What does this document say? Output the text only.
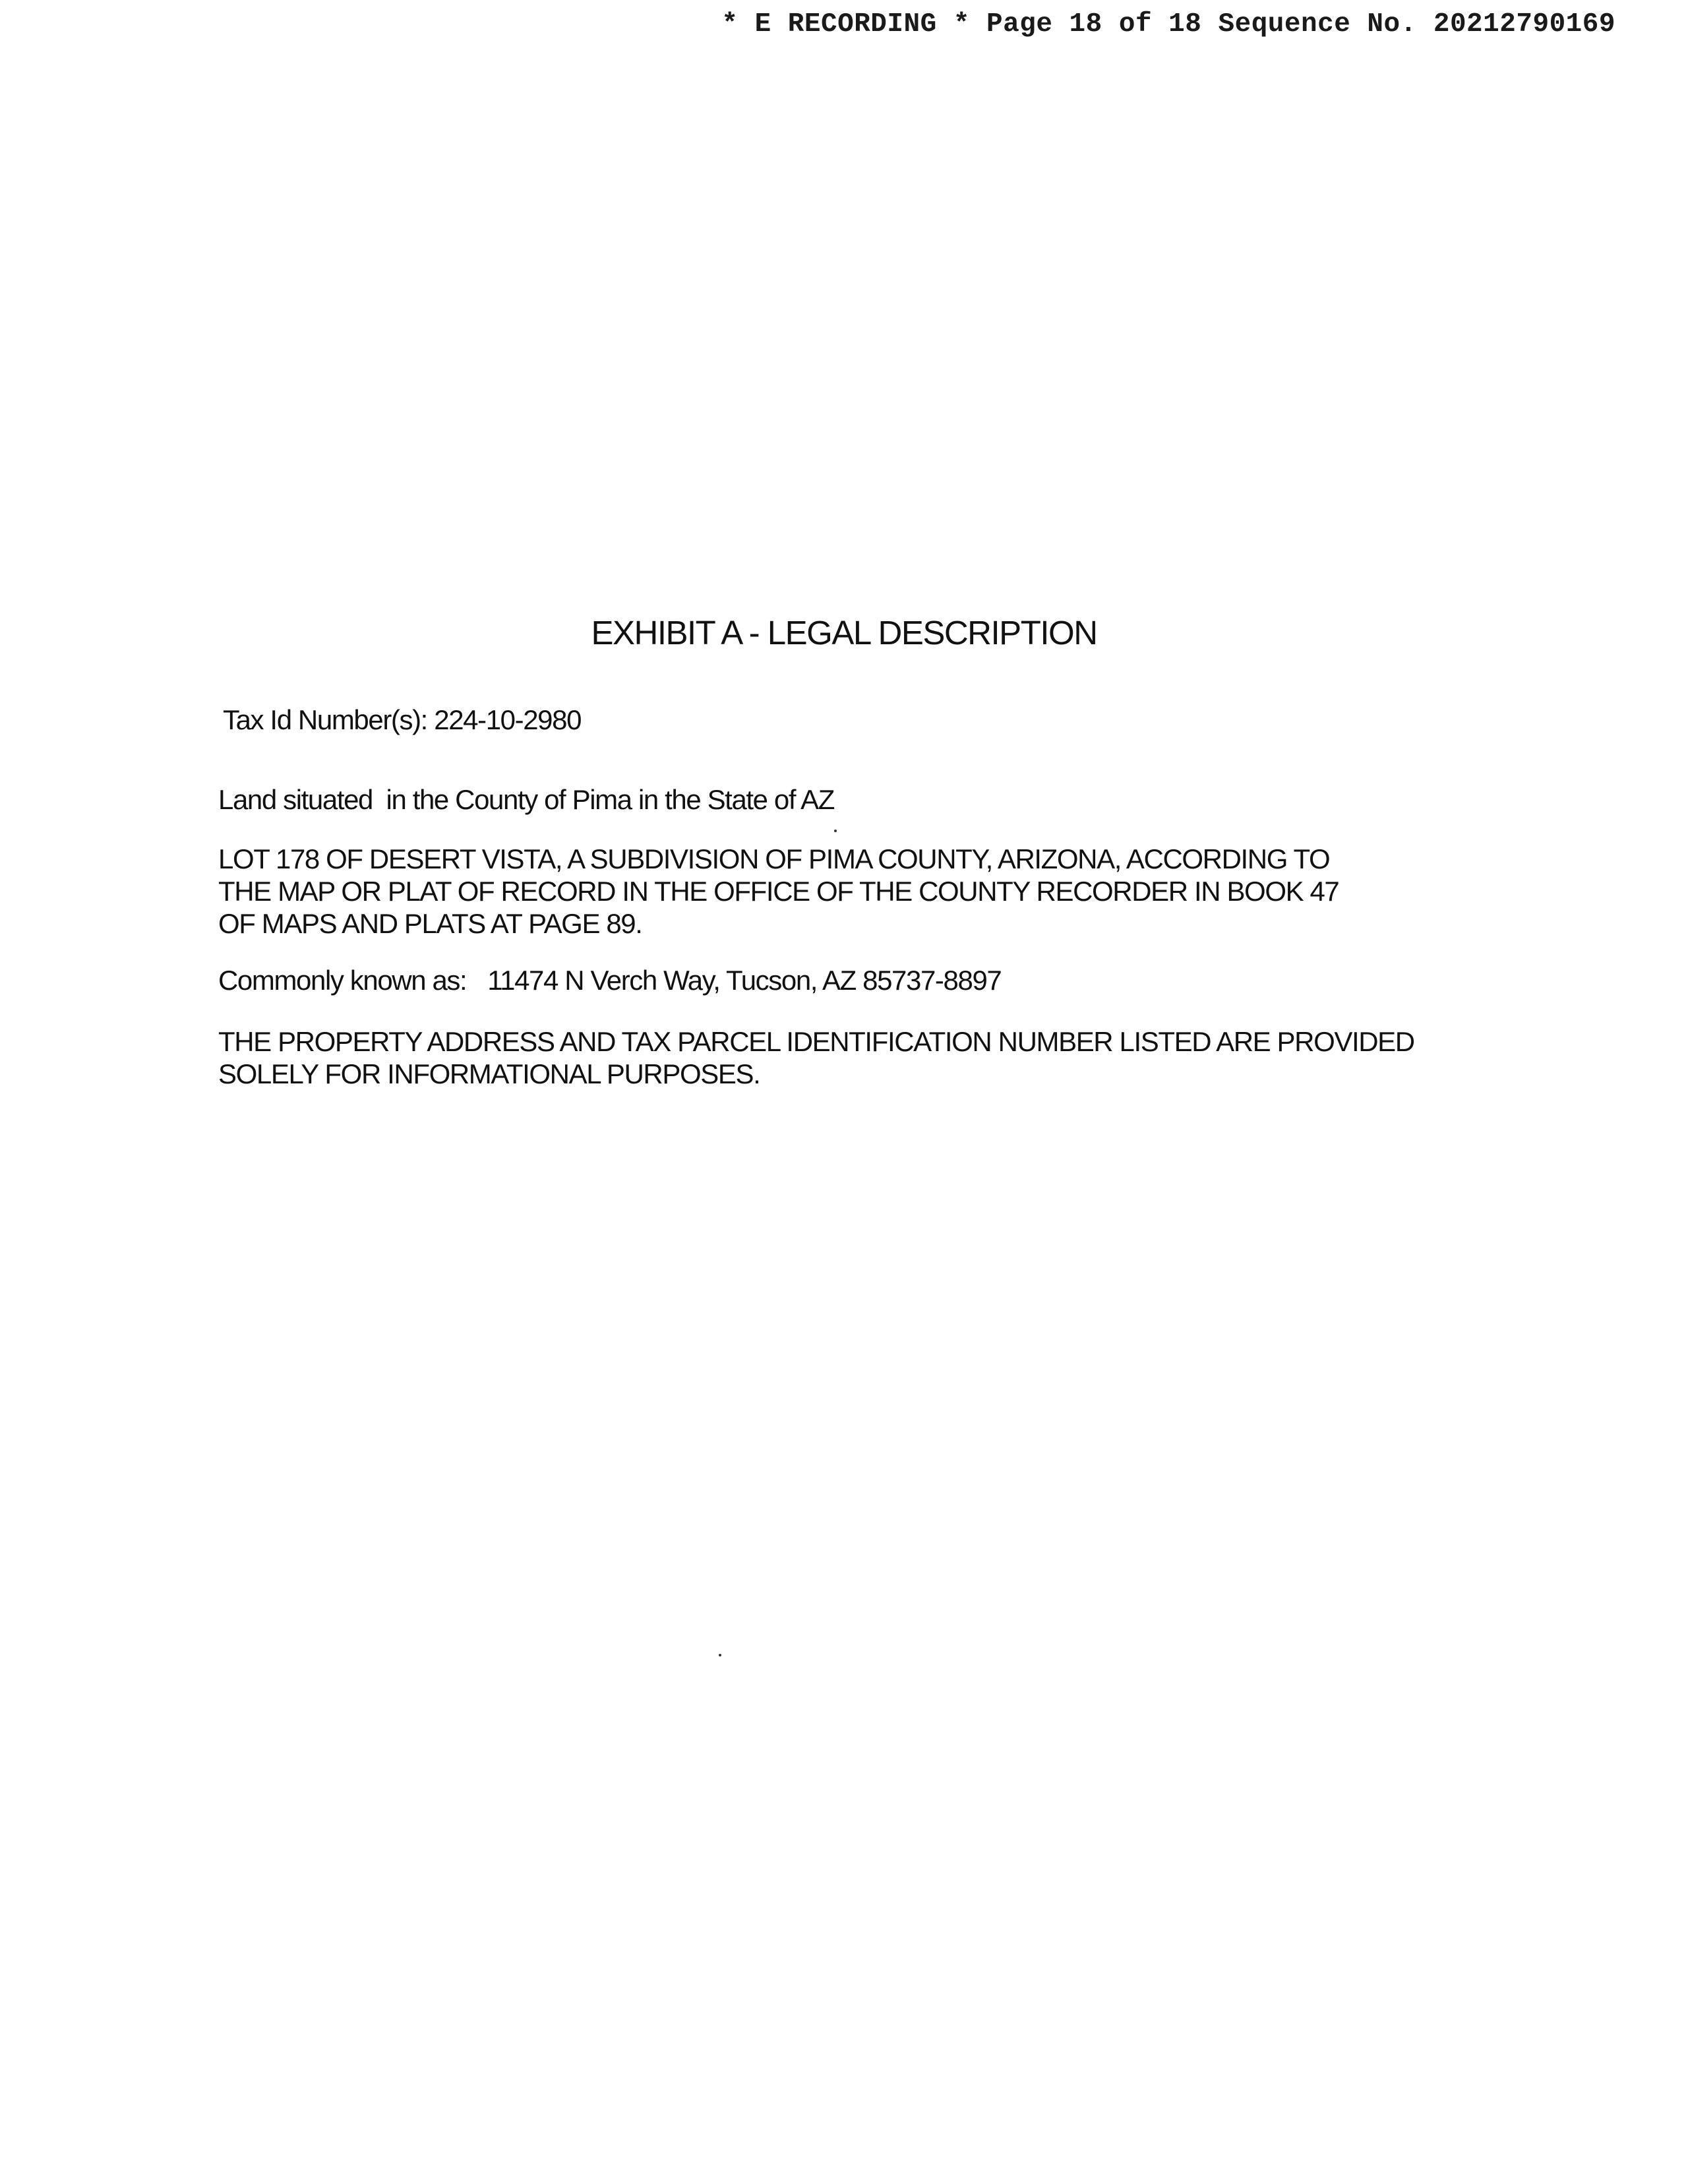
* E RECORDING * Page 18 of 18 Sequence No. 20212790169
EXHIBIT A - LEGAL DESCRIPTION
Tax Id Number(s): 224-10-2980
Land situated  in the County of Pima in the State of AZ
LOT 178 OF DESERT VISTA, A SUBDIVISION OF PIMA COUNTY, ARIZONA, ACCORDING TO THE MAP OR PLAT OF RECORD IN THE OFFICE OF THE COUNTY RECORDER IN BOOK 47 OF MAPS AND PLATS AT PAGE 89.
Commonly known as: 11474 N Verch Way, Tucson, AZ 85737-8897
THE PROPERTY ADDRESS AND TAX PARCEL IDENTIFICATION NUMBER LISTED ARE PROVIDED SOLELY FOR INFORMATIONAL PURPOSES.
